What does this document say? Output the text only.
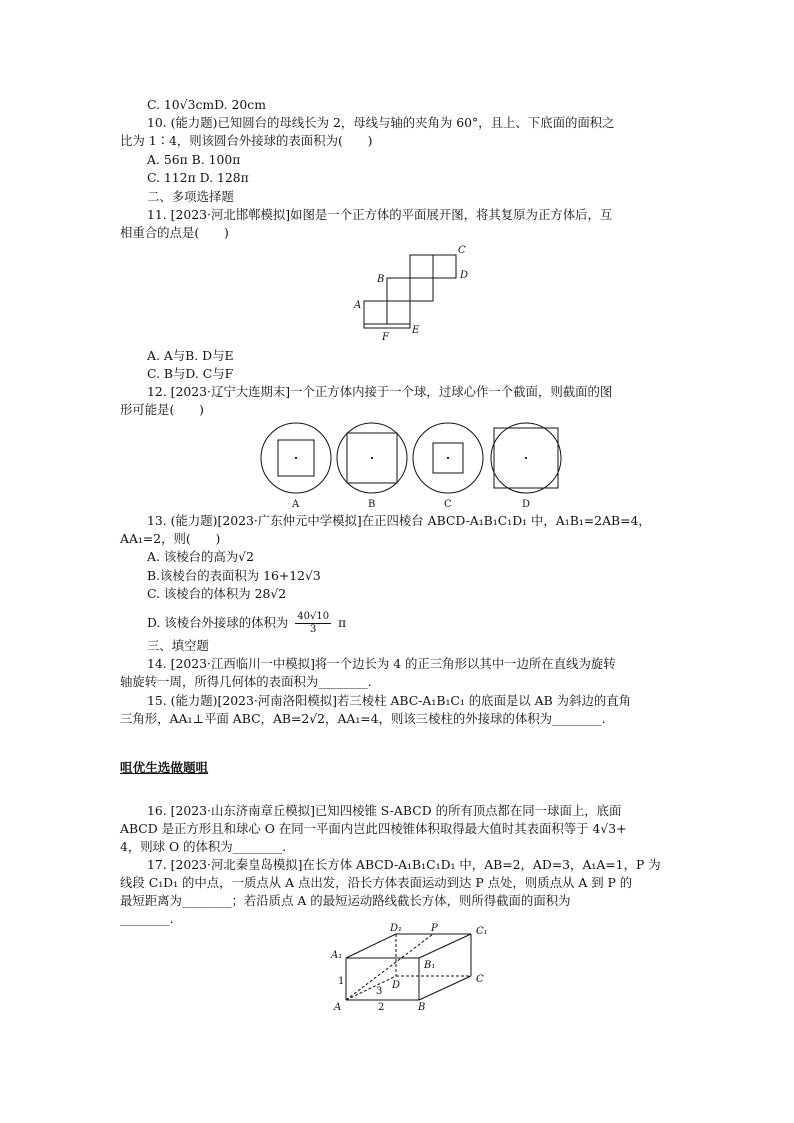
C. 10√3cmD. 20cm
10. (能力题)已知圆台的母线长为 2，母线与轴的夹角为 60°，且上、下底面的面积之
比为 1∶4，则该圆台外接球的表面积为(　　)
A. 56π B. 100π
C. 112π D. 128π
二、多项选择题
11. [2023·河北邯郸模拟]如图是一个正方体的平面展开图，将其复原为正方体后，互
相重合的点是(　　)
C
D
B
A
E
F
A. A与B. D与E
C. B与D. C与F
12. [2023·辽宁大连期末]一个正方体内接于一个球，过球心作一个截面，则截面的图
形可能是(　　)
A	B	C	D
13. (能力题)[2023·广东仲元中学模拟]在正四棱台 ABCD-A₁B₁C₁D₁ 中，A₁B₁=2AB=4，
AA₁=2，则(　　)
A. 该棱台的高为√2
B.该棱台的表面积为 16+12√3
C. 该棱台的体积为 28√2
D. 该棱台外接球的体积为 $\frac{40√10}{3}$ π
三、填空题
14. [2023·江西临川一中模拟]将一个边长为 4 的正三角形以其中一边所在直线为旋转
轴旋转一周，所得几何体的表面积为________.
15. (能力题)[2023·河南洛阳模拟]若三棱柱 ABC-A₁B₁C₁ 的底面是以 AB 为斜边的直角
三角形，AA₁⊥平面 ABC，AB=2√2，AA₁=4，则该三棱柱的外接球的体积为________.
咀优生选做题咀
16. [2023·山东济南章丘模拟]已知四棱锥 S-ABCD 的所有顶点都在同一球面上，底面
ABCD 是正方形且和球心 O 在同一平面内岂此四棱锥体积取得最大值时其表面积等于 4√3+
4，则球 O 的体积为________.
17. [2023·河北秦皇岛模拟]在长方体 ABCD-A₁B₁C₁D₁ 中，AB=2，AD=3，A₁A=1，P 为
线段 C₁D₁ 的中点，一质点从 A 点出发，沿长方体表面运动到达 P 点处，则质点从 A 到 P 的
最短距离为________；若沿质点 A 的最短运动路线截长方体，则所得截面的面积为
________.
D₁	P	C₁
A₁
B₁
D
C
A	B
1
2
3
